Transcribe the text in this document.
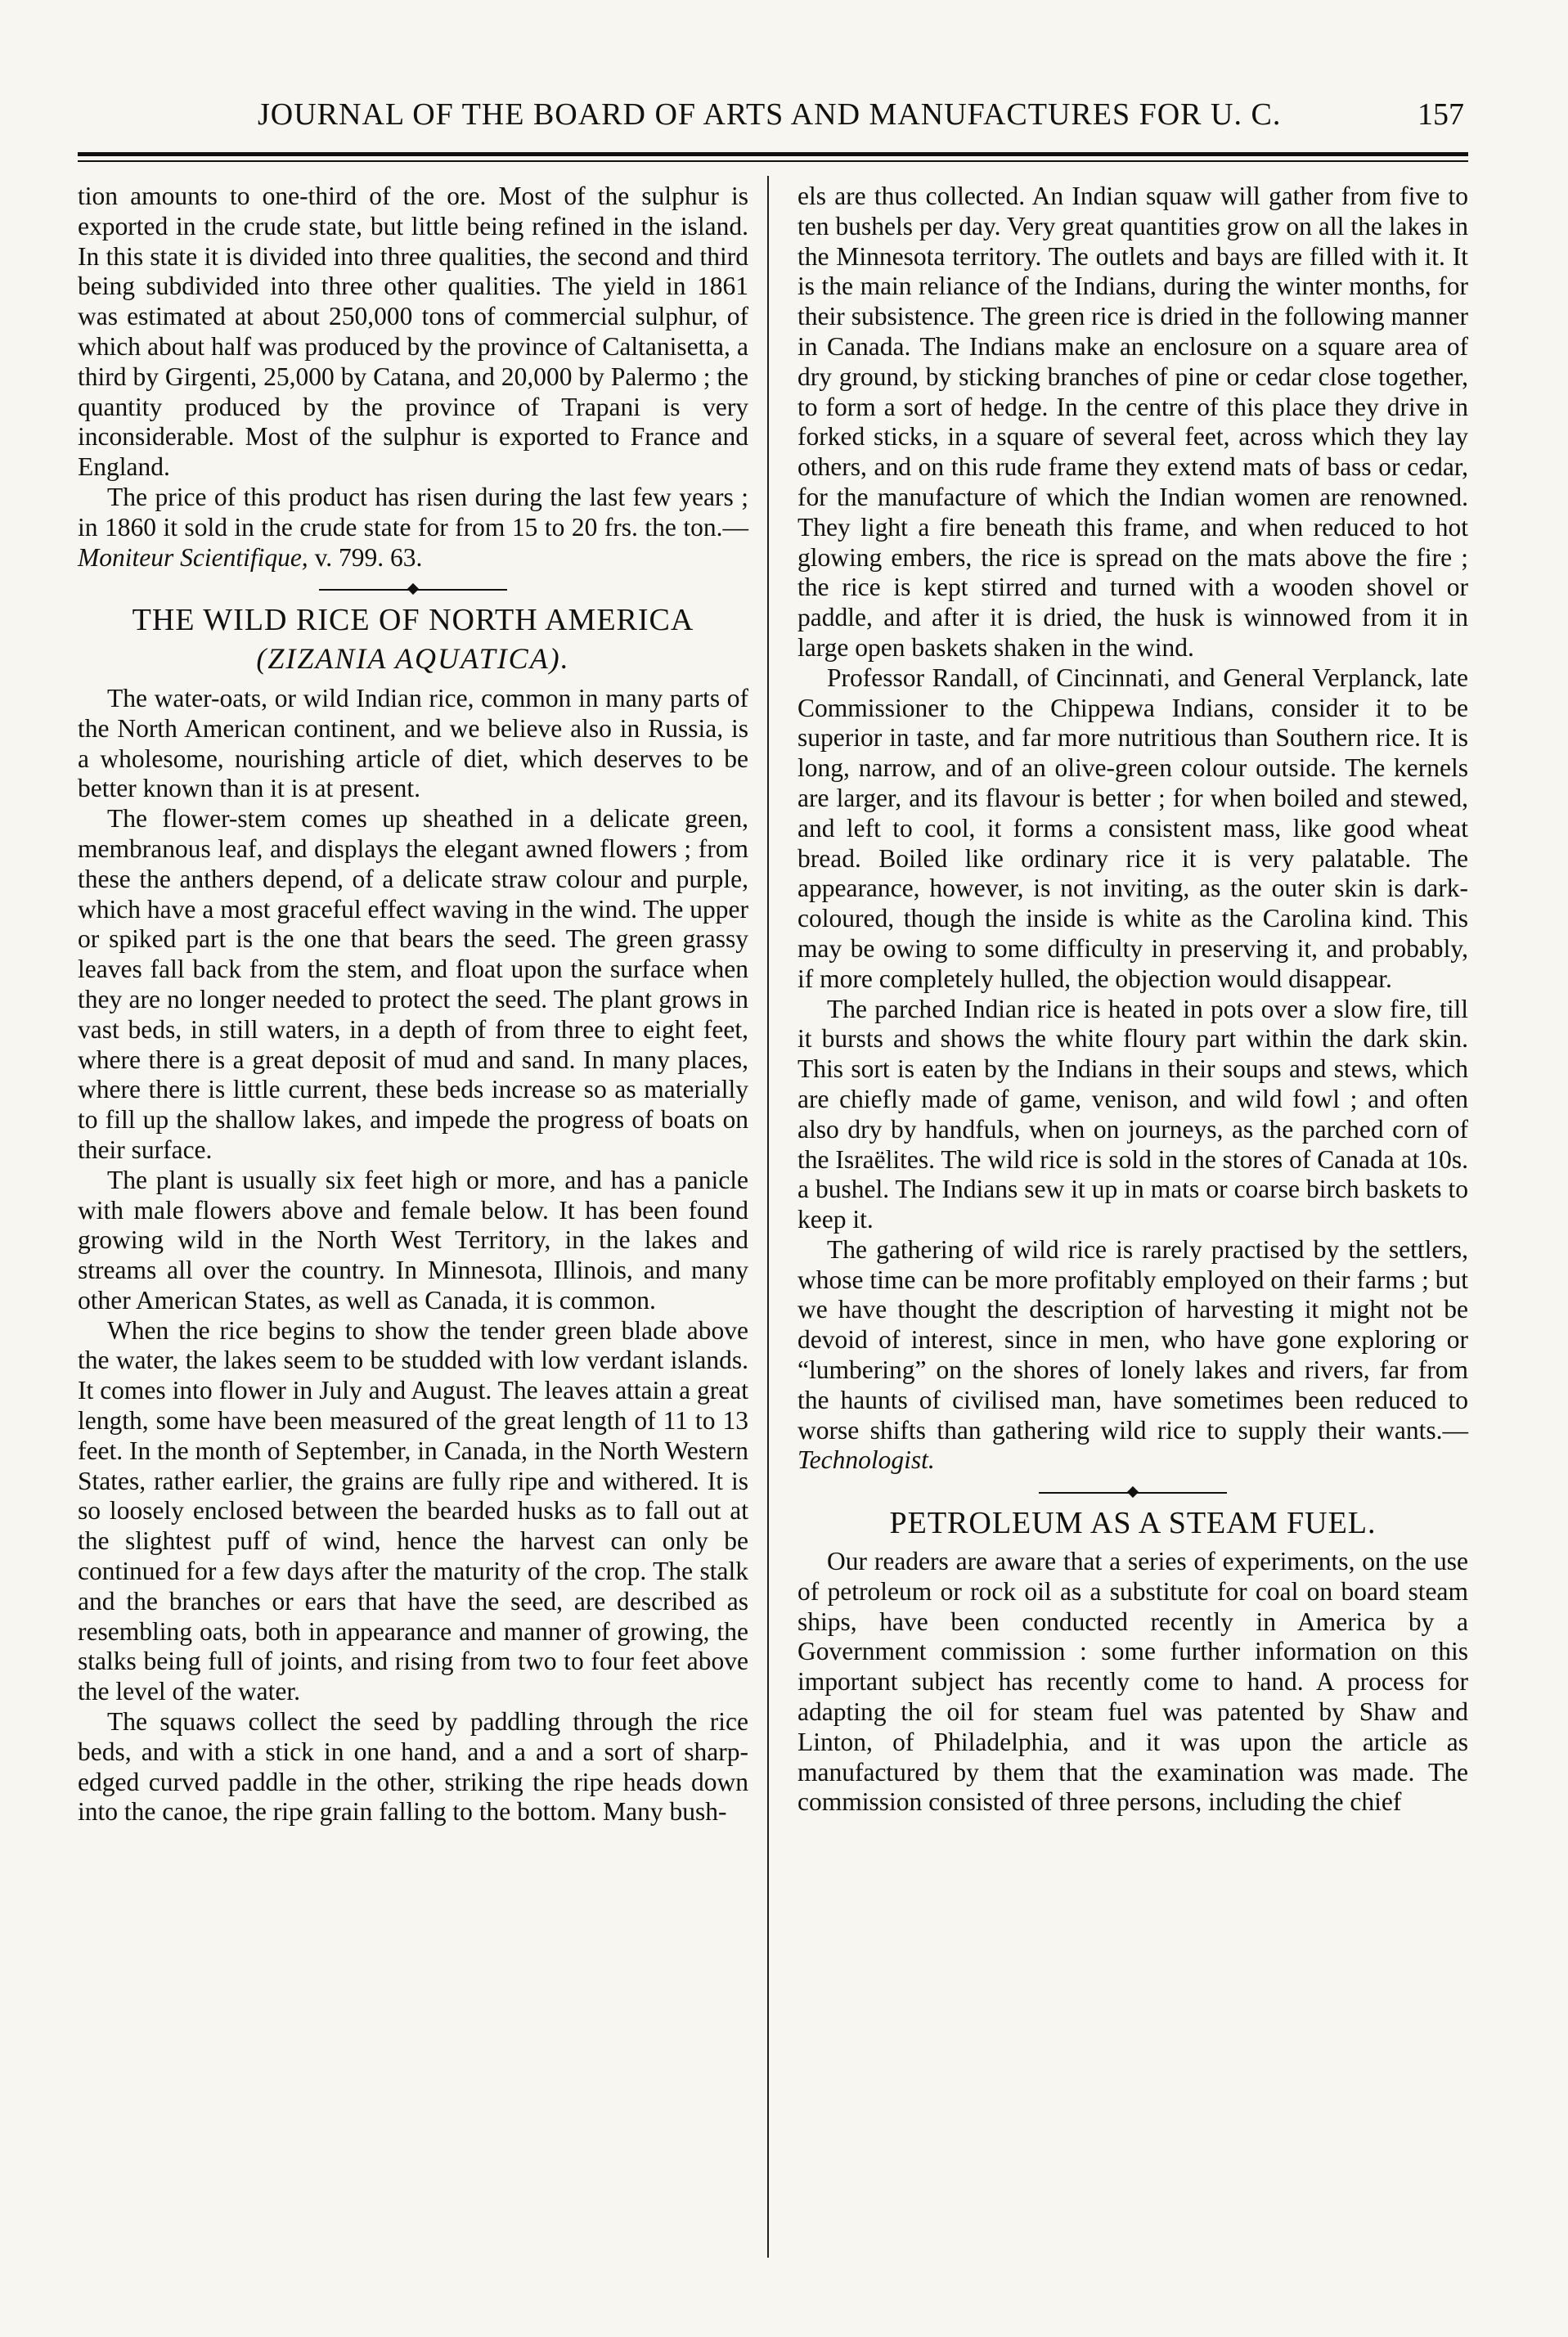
JOURNAL OF THE BOARD OF ARTS AND MANUFACTURES FOR U. C.	157

tion amounts to one-third of the ore. Most of the sulphur is exported in the crude state, but little being refined in the island. In this state it is divided into three qualities, the second and third being subdivided into three other qualities. The yield in 1861 was estimated at about 250,000 tons of commercial sulphur, of which about half was produced by the province of Caltanisetta, a third by Girgenti, 25,000 by Catana, and 20,000 by Palermo ; the quantity produced by the province of Trapani is very inconsiderable. Most of the sulphur is exported to France and England.

The price of this product has risen during the last few years ; in 1860 it sold in the crude state for from 15 to 20 frs. the ton.—Moniteur Scientifique, v. 799. 63.

THE WILD RICE OF NORTH AMERICA
(ZIZANIA AQUATICA).

The water-oats, or wild Indian rice, common in many parts of the North American continent, and we believe also in Russia, is a wholesome, nourishing article of diet, which deserves to be better known than it is at present.

The flower-stem comes up sheathed in a delicate green, membranous leaf, and displays the elegant awned flowers ; from these the anthers depend, of a delicate straw colour and purple, which have a most graceful effect waving in the wind. The upper or spiked part is the one that bears the seed. The green grassy leaves fall back from the stem, and float upon the surface when they are no longer needed to protect the seed. The plant grows in vast beds, in still waters, in a depth of from three to eight feet, where there is a great deposit of mud and sand. In many places, where there is little current, these beds increase so as materially to fill up the shallow lakes, and impede the progress of boats on their surface.

The plant is usually six feet high or more, and has a panicle with male flowers above and female below. It has been found growing wild in the North West Territory, in the lakes and streams all over the country. In Minnesota, Illinois, and many other American States, as well as Canada, it is common.

When the rice begins to show the tender green blade above the water, the lakes seem to be studded with low verdant islands. It comes into flower in July and August. The leaves attain a great length, some have been measured of the great length of 11 to 13 feet. In the month of September, in Canada, in the North Western States, rather earlier, the grains are fully ripe and withered. It is so loosely enclosed between the bearded husks as to fall out at the slightest puff of wind, hence the harvest can only be continued for a few days after the maturity of the crop. The stalk and the branches or ears that have the seed, are described as resembling oats, both in appearance and manner of growing, the stalks being full of joints, and rising from two to four feet above the level of the water.

The squaws collect the seed by paddling through the rice beds, and with a stick in one hand, and a and a sort of sharp-edged curved paddle in the other, striking the ripe heads down into the canoe, the ripe grain falling to the bottom. Many bush-

els are thus collected. An Indian squaw will gather from five to ten bushels per day. Very great quantities grow on all the lakes in the Minnesota territory. The outlets and bays are filled with it. It is the main reliance of the Indians, during the winter months, for their subsistence. The green rice is dried in the following manner in Canada. The Indians make an enclosure on a square area of dry ground, by sticking branches of pine or cedar close together, to form a sort of hedge. In the centre of this place they drive in forked sticks, in a square of several feet, across which they lay others, and on this rude frame they extend mats of bass or cedar, for the manufacture of which the Indian women are renowned. They light a fire beneath this frame, and when reduced to hot glowing embers, the rice is spread on the mats above the fire ; the rice is kept stirred and turned with a wooden shovel or paddle, and after it is dried, the husk is winnowed from it in large open baskets shaken in the wind.

Professor Randall, of Cincinnati, and General Verplanck, late Commissioner to the Chippewa Indians, consider it to be superior in taste, and far more nutritious than Southern rice. It is long, narrow, and of an olive-green colour outside. The kernels are larger, and its flavour is better ; for when boiled and stewed, and left to cool, it forms a consistent mass, like good wheat bread. Boiled like ordinary rice it is very palatable. The appearance, however, is not inviting, as the outer skin is dark-coloured, though the inside is white as the Carolina kind. This may be owing to some difficulty in preserving it, and probably, if more completely hulled, the objection would disappear.

The parched Indian rice is heated in pots over a slow fire, till it bursts and shows the white floury part within the dark skin. This sort is eaten by the Indians in their soups and stews, which are chiefly made of game, venison, and wild fowl ; and often also dry by handfuls, when on journeys, as the parched corn of the Israëlites. The wild rice is sold in the stores of Canada at 10s. a bushel. The Indians sew it up in mats or coarse birch baskets to keep it.

The gathering of wild rice is rarely practised by the settlers, whose time can be more profitably employed on their farms ; but we have thought the description of harvesting it might not be devoid of interest, since in men, who have gone exploring or “lumbering” on the shores of lonely lakes and rivers, far from the haunts of civilised man, have sometimes been reduced to worse shifts than gathering wild rice to supply their wants.—Technologist.

PETROLEUM AS A STEAM FUEL.

Our readers are aware that a series of experiments, on the use of petroleum or rock oil as a substitute for coal on board steam ships, have been conducted recently in America by a Government commission : some further information on this important subject has recently come to hand. A process for adapting the oil for steam fuel was patented by Shaw and Linton, of Philadelphia, and it was upon the article as manufactured by them that the examination was made. The commission consisted of three persons, including the chief
